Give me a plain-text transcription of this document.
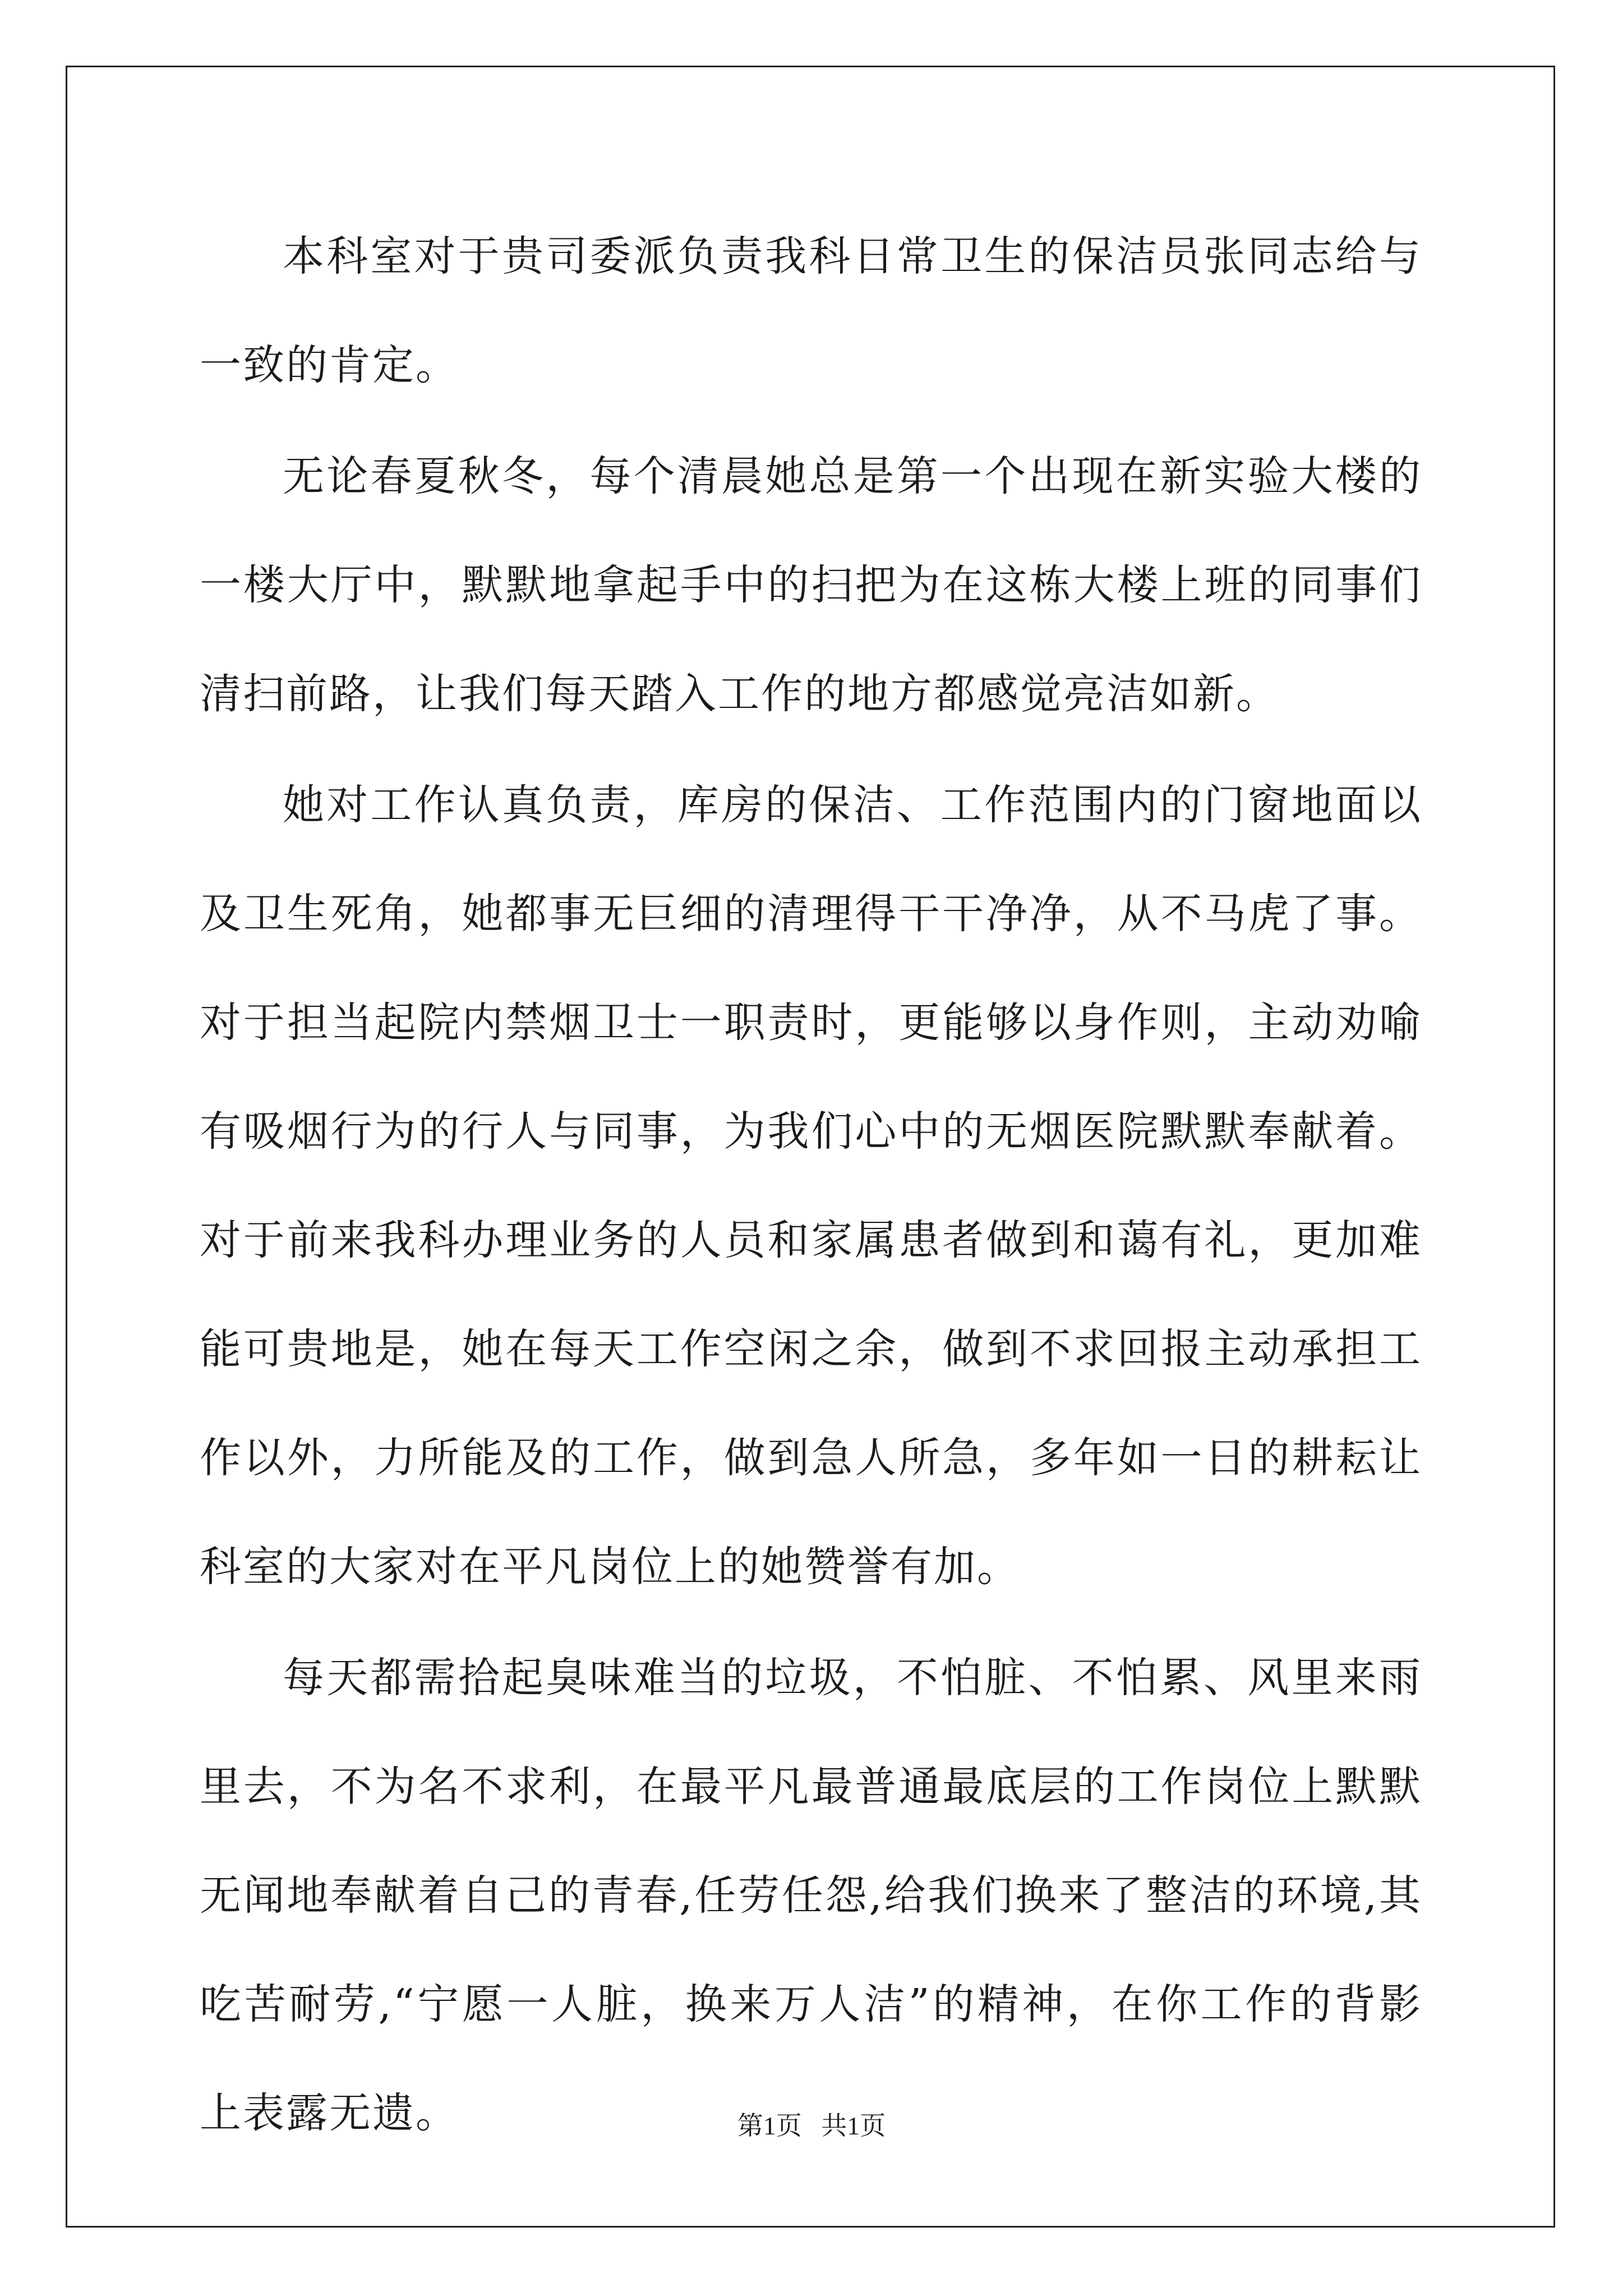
本科室对于贵司委派负责我科日常卫生的保洁员张同志给与一致的肯定。

无论春夏秋冬，每个清晨她总是第一个出现在新实验大楼的一楼大厅中，默默地拿起手中的扫把为在这栋大楼上班的同事们清扫前路，让我们每天踏入工作的地方都感觉亮洁如新。

她对工作认真负责，库房的保洁、工作范围内的门窗地面以及卫生死角，她都事无巨细的清理得干干净净，从不马虎了事。对于担当起院内禁烟卫士一职责时，更能够以身作则，主动劝喻有吸烟行为的行人与同事，为我们心中的无烟医院默默奉献着。对于前来我科办理业务的人员和家属患者做到和蔼有礼，更加难能可贵地是，她在每天工作空闲之余，做到不求回报主动承担工作以外，力所能及的工作，做到急人所急，多年如一日的耕耘让科室的大家对在平凡岗位上的她赞誉有加。

每天都需拾起臭味难当的垃圾，不怕脏、不怕累、风里来雨里去，不为名不求利，在最平凡最普通最底层的工作岗位上默默无闻地奉献着自己的青春,任劳任怨,给我们换来了整洁的环境,其吃苦耐劳,“宁愿一人脏，换来万人洁”的精神，在你工作的背影上表露无遗。	第1页   共1页
